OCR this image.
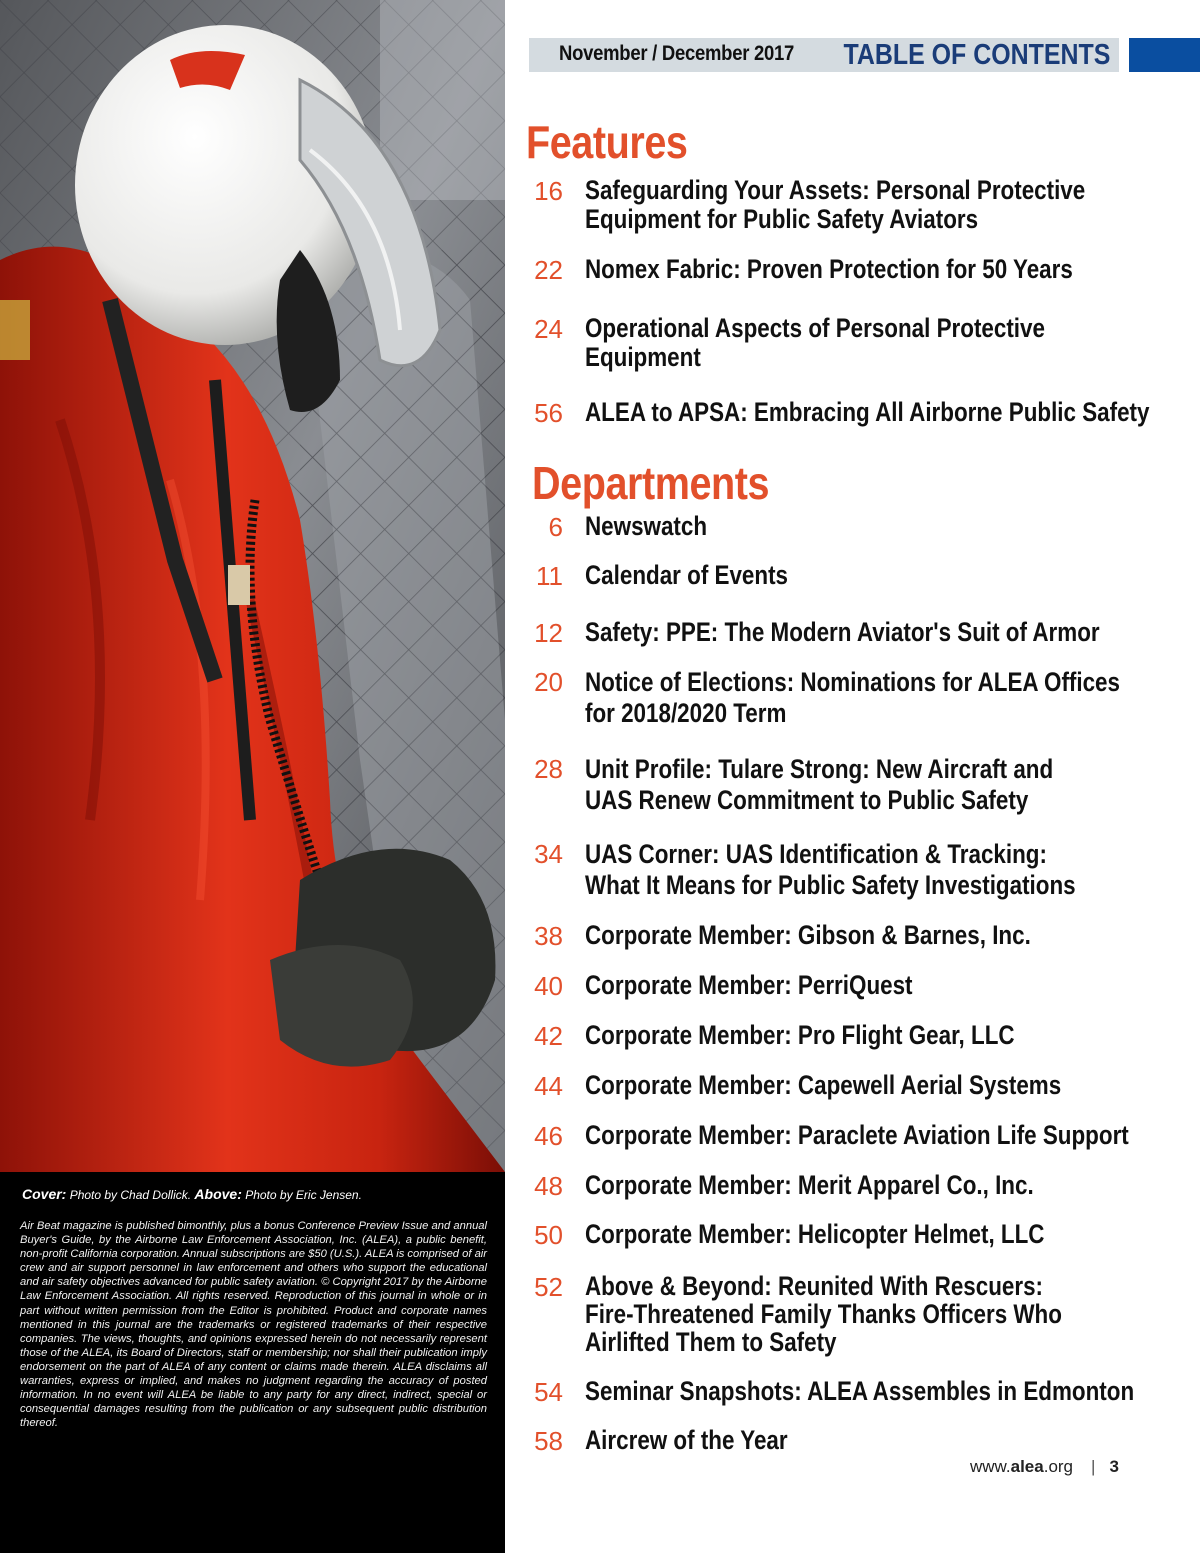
Cover: Photo by Chad Dollick. Above: Photo by Eric Jensen.

Air Beat magazine is published bimonthly, plus a bonus Conference Preview Issue and annual Buyer's Guide, by the Airborne Law Enforcement Association, Inc. (ALEA), a public benefit, non-profit California corporation. Annual subscriptions are $50 (U.S.). ALEA is comprised of air crew and air support personnel in law enforcement and others who support the educational and air safety objectives advanced for public safety aviation. © Copyright 2017 by the Airborne Law Enforcement Association. All rights reserved. Reproduction of this journal in whole or in part without written permission from the Editor is prohibited. Product and corporate names mentioned in this journal are the trademarks or registered trademarks of their respective companies. The views, thoughts, and opinions expressed herein do not necessarily represent those of the ALEA, its Board of Directors, staff or membership; nor shall their publication imply endorsement on the part of ALEA of any content or claims made therein. ALEA disclaims all warranties, express or implied, and makes no judgment regarding the accuracy of posted information. In no event will ALEA be liable to any party for any direct, indirect, special or consequential damages resulting from the publication or any subsequent public distribution thereof.
November / December 2017 TABLE OF CONTENTS
Features
16 Safeguarding Your Assets: Personal Protective
Equipment for Public Safety Aviators
22 Nomex Fabric: Proven Protection for 50 Years
24 Operational Aspects of Personal Protective
Equipment
56 ALEA to APSA: Embracing All Airborne Public Safety
Departments
6 Newswatch
11 Calendar of Events
12 Safety: PPE: The Modern Aviator's Suit of Armor
20 Notice of Elections: Nominations for ALEA Offices
for 2018/2020 Term
28 Unit Profile: Tulare Strong: New Aircraft and
UAS Renew Commitment to Public Safety
34 UAS Corner: UAS Identification & Tracking:
What It Means for Public Safety Investigations
38 Corporate Member: Gibson & Barnes, Inc.
40 Corporate Member: PerriQuest
42 Corporate Member: Pro Flight Gear, LLC
44 Corporate Member: Capewell Aerial Systems
46 Corporate Member: Paraclete Aviation Life Support
48 Corporate Member: Merit Apparel Co., Inc.
50 Corporate Member: Helicopter Helmet, LLC
52 Above & Beyond: Reunited With Rescuers:
Fire-Threatened Family Thanks Officers Who
Airlifted Them to Safety
54 Seminar Snapshots: ALEA Assembles in Edmonton
58 Aircrew of the Year
www.alea.org | 3
